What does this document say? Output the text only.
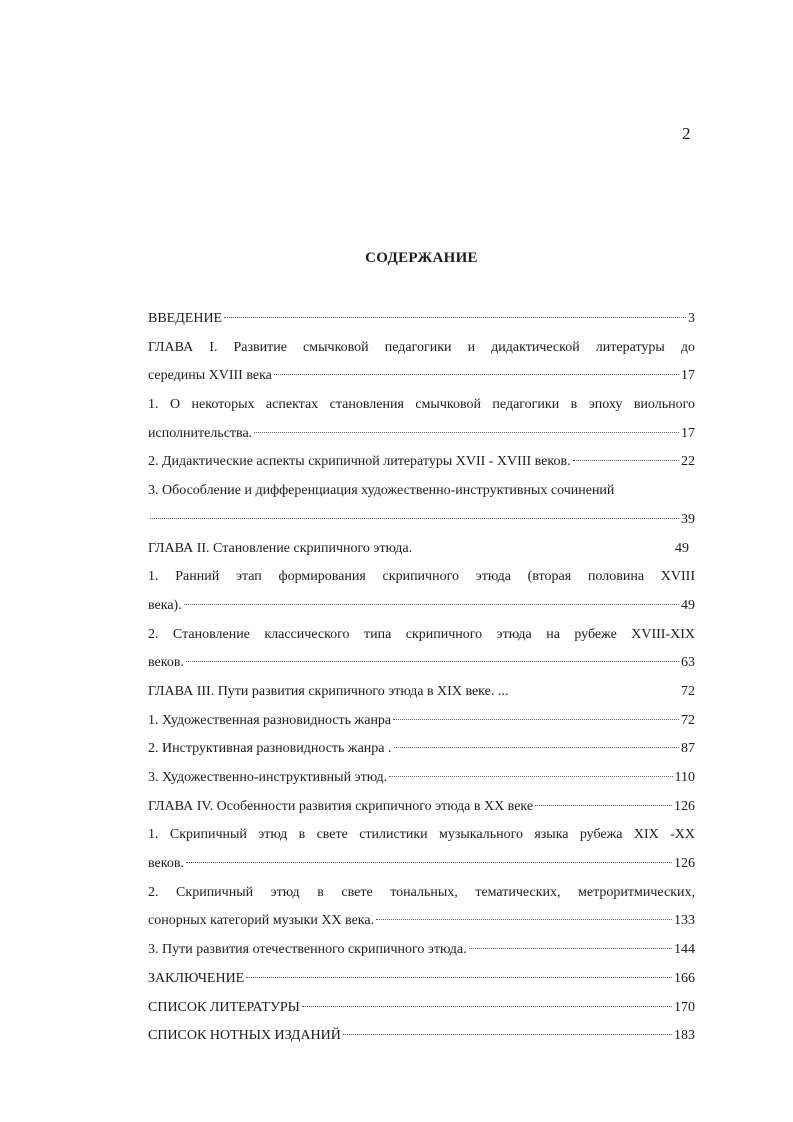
2
СОДЕРЖАНИЕ
ВВЕДЕНИЕ	3
ГЛАВА I. Развитие смычковой педагогики и дидактической литературы до
середины XVIII века	17
1. О некоторых аспектах становления смычковой педагогики в эпоху виольного
исполнительства.	17
2. Дидактические аспекты скрипичной литературы XVII - XVIII веков.	22
3. Обособление и дифференциация художественно-инструктивных сочинений
39
ГЛАВА II. Становление скрипичного этюда.	49
1. Ранний этап формирования скрипичного этюда (вторая половина XVIII
века).	49
2. Становление классического типа скрипичного этюда на рубеже XVIII-XIX
веков.	63
ГЛАВА III. Пути развития скрипичного этюда в XIX веке. ...	72
1. Художественная разновидность жанра	72
2. Инструктивная разновидность жанра .	87
3. Художественно-инструктивный этюд.	110
ГЛАВА IV. Особенности развития скрипичного этюда в XX веке	126
1. Скрипичный этюд в свете стилистики музыкального языка рубежа XIX -XX
веков.	126
2. Скрипичный этюд в свете тональных, тематических, метроритмических,
сонорных категорий музыки XX века.	133
3. Пути развития отечественного скрипичного этюда.	144
ЗАКЛЮЧЕНИЕ	166
СПИСОК ЛИТЕРАТУРЫ	170
СПИСОК НОТНЫХ ИЗДАНИЙ	183
